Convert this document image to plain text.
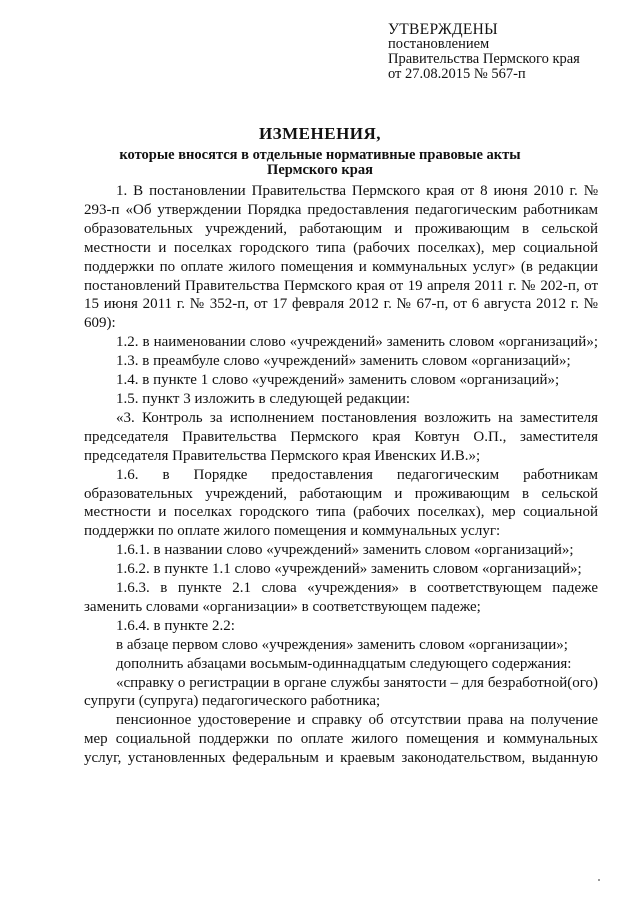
УТВЕРЖДЕНЫ
постановлением
Правительства Пермского края
от 27.08.2015 № 567-п
ИЗМЕНЕНИЯ,
которые вносятся в отдельные нормативные правовые акты
Пермского края

1. В постановлении Правительства Пермского края от 8 июня 2010 г. № 293-п «Об утверждении Порядка предоставления педагогическим работникам образовательных учреждений, работающим и проживающим в сельской местности и поселках городского типа (рабочих поселках), мер социальной поддержки по оплате жилого помещения и коммунальных услуг» (в редакции постановлений Правительства Пермского края от 19 апреля 2011 г. № 202-п, от 15 июня 2011 г. № 352-п, от 17 февраля 2012 г. № 67-п, от 6 августа 2012 г. № 609):

1.2. в наименовании слово «учреждений» заменить словом «организаций»;

1.3. в преамбуле слово «учреждений» заменить словом «организаций»;

1.4. в пункте 1 слово «учреждений» заменить словом «организаций»;

1.5. пункт 3 изложить в следующей редакции:

«3. Контроль за исполнением постановления возложить на заместителя председателя Правительства Пермского края Ковтун О.П., заместителя председателя Правительства Пермского края Ивенских И.В.»;

1.6. в Порядке предоставления педагогическим работникам образовательных учреждений, работающим и проживающим в сельской местности и поселках городского типа (рабочих поселках), мер социальной поддержки по оплате жилого помещения и коммунальных услуг:

1.6.1. в названии слово «учреждений» заменить словом «организаций»;

1.6.2. в пункте 1.1 слово «учреждений» заменить словом «организаций»;

1.6.3. в пункте 2.1 слова «учреждения» в соответствующем падеже заменить словами «организации» в соответствующем падеже;

1.6.4. в пункте 2.2:

в абзаце первом слово «учреждения» заменить словом «организации»;

дополнить абзацами восьмым-одиннадцатым следующего содержания:

«справку о регистрации в органе службы занятости – для безработной(ого) супруги (супруга) педагогического работника;

пенсионное удостоверение и справку об отсутствии права на получение мер социальной поддержки по оплате жилого помещения и коммунальных услуг, установленных федеральным и краевым законодательством, выданную
